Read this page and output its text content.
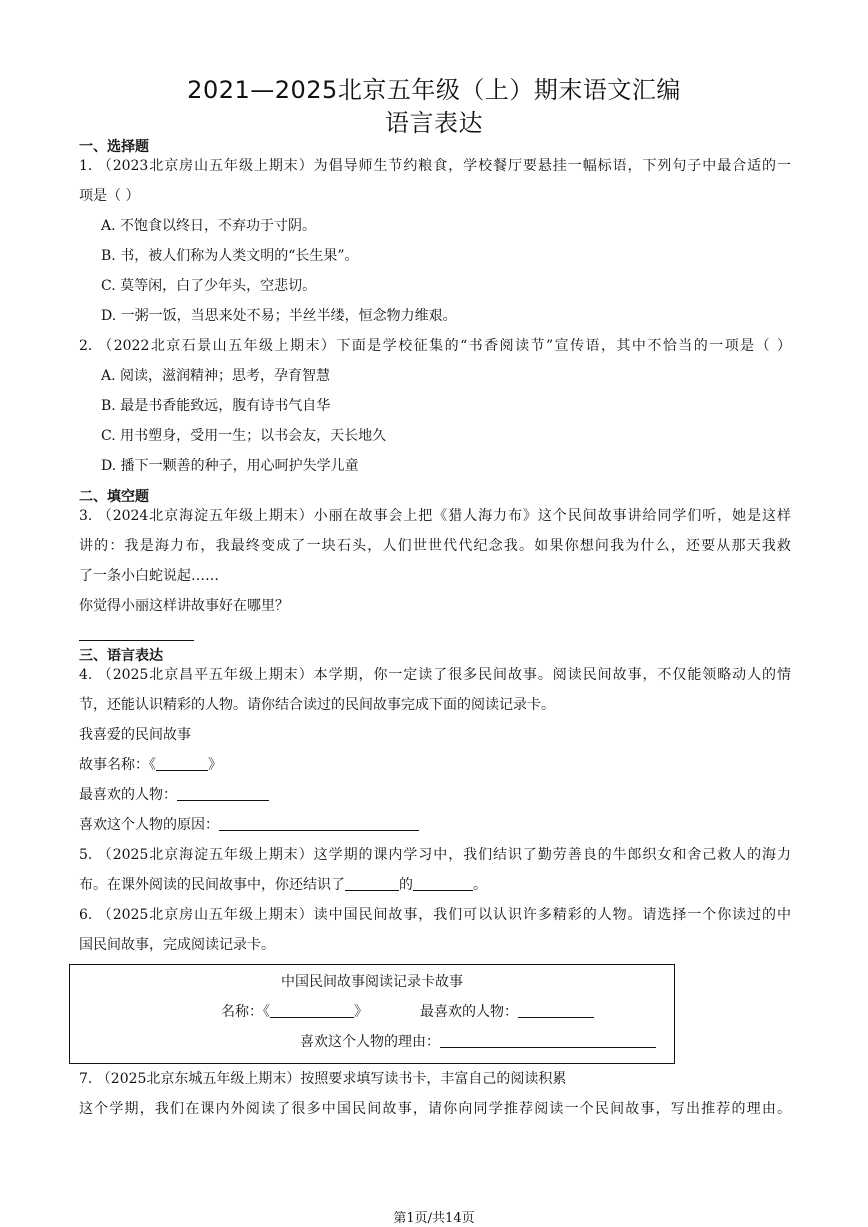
2021—2025北京五年级（上）期末语文汇编
语言表达
一、选择题
1. （2023北京房山五年级上期末）为倡导师生节约粮食，学校餐厅要悬挂一幅标语，下列句子中最合适的一
项是（ ）
A. 不饱食以终日，不弃功于寸阴。
B. 书，被人们称为人类文明的“长生果”。
C. 莫等闲，白了少年头，空悲切。
D. 一粥一饭，当思来处不易；半丝半缕，恒念物力维艰。
2. （2022北京石景山五年级上期末）下面是学校征集的“书香阅读节”宣传语，其中不恰当的一项是（ ）
A. 阅读，滋润精神；思考，孕育智慧
B. 最是书香能致远，腹有诗书气自华
C. 用书塑身，受用一生；以书会友，天长地久
D. 播下一颗善的种子，用心呵护失学儿童
二、填空题
3. （2024北京海淀五年级上期末）小丽在故事会上把《猎人海力布》这个民间故事讲给同学们听，她是这样
讲的：我是海力布，我最终变成了一块石头，人们世世代代纪念我。如果你想问我为什么，还要从那天我救
了一条小白蛇说起……
你觉得小丽这样讲故事好在哪里？
三、语言表达
4. （2025北京昌平五年级上期末）本学期，你一定读了很多民间故事。阅读民间故事，不仅能领略动人的情
节，还能认识精彩的人物。请你结合读过的民间故事完成下面的阅读记录卡。
我喜爱的民间故事
故事名称：《	》
最喜欢的人物：
喜欢这个人物的原因：
5. （2025北京海淀五年级上期末）这学期的课内学习中，我们结识了勤劳善良的牛郎织女和舍己救人的海力
布。在课外阅读的民间故事中，你还结识了	的	。
6. （2025北京房山五年级上期末）读中国民间故事，我们可以认识许多精彩的人物。请选择一个你读过的中
国民间故事，完成阅读记录卡。
中国民间故事阅读记录卡故事
名称：《	》	最喜欢的人物：
喜欢这个人物的理由：
7. （2025北京东城五年级上期末）按照要求填写读书卡，丰富自己的阅读积累
这个学期，我们在课内外阅读了很多中国民间故事，请你向同学推荐阅读一个民间故事，写出推荐的理由。
第1页/共14页
